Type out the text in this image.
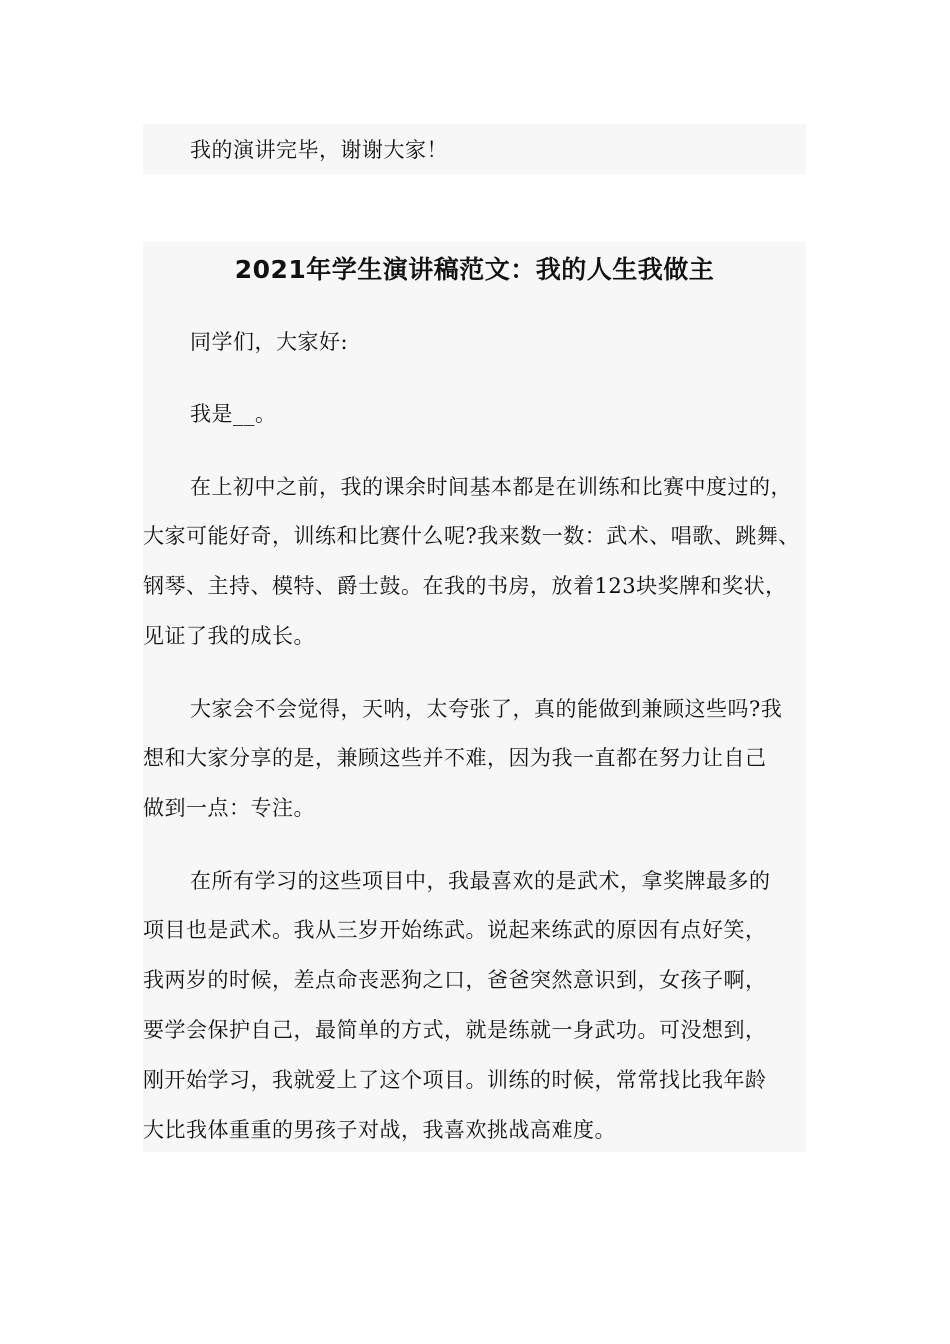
我的演讲完毕，谢谢大家！
2021年学生演讲稿范文：我的人生我做主
同学们，大家好:
我是__。
在上初中之前，我的课余时间基本都是在训练和比赛中度过的，
大家可能好奇，训练和比赛什么呢?我来数一数：武术、唱歌、跳舞、
钢琴、主持、模特、爵士鼓。在我的书房，放着123块奖牌和奖状，
见证了我的成长。
大家会不会觉得，天呐，太夸张了，真的能做到兼顾这些吗?我
想和大家分享的是，兼顾这些并不难，因为我一直都在努力让自己
做到一点：专注。
在所有学习的这些项目中，我最喜欢的是武术，拿奖牌最多的
项目也是武术。我从三岁开始练武。说起来练武的原因有点好笑，
我两岁的时候，差点命丧恶狗之口，爸爸突然意识到，女孩子啊，
要学会保护自己，最简单的方式，就是练就一身武功。可没想到，
刚开始学习，我就爱上了这个项目。训练的时候，常常找比我年龄
大比我体重重的男孩子对战，我喜欢挑战高难度。
